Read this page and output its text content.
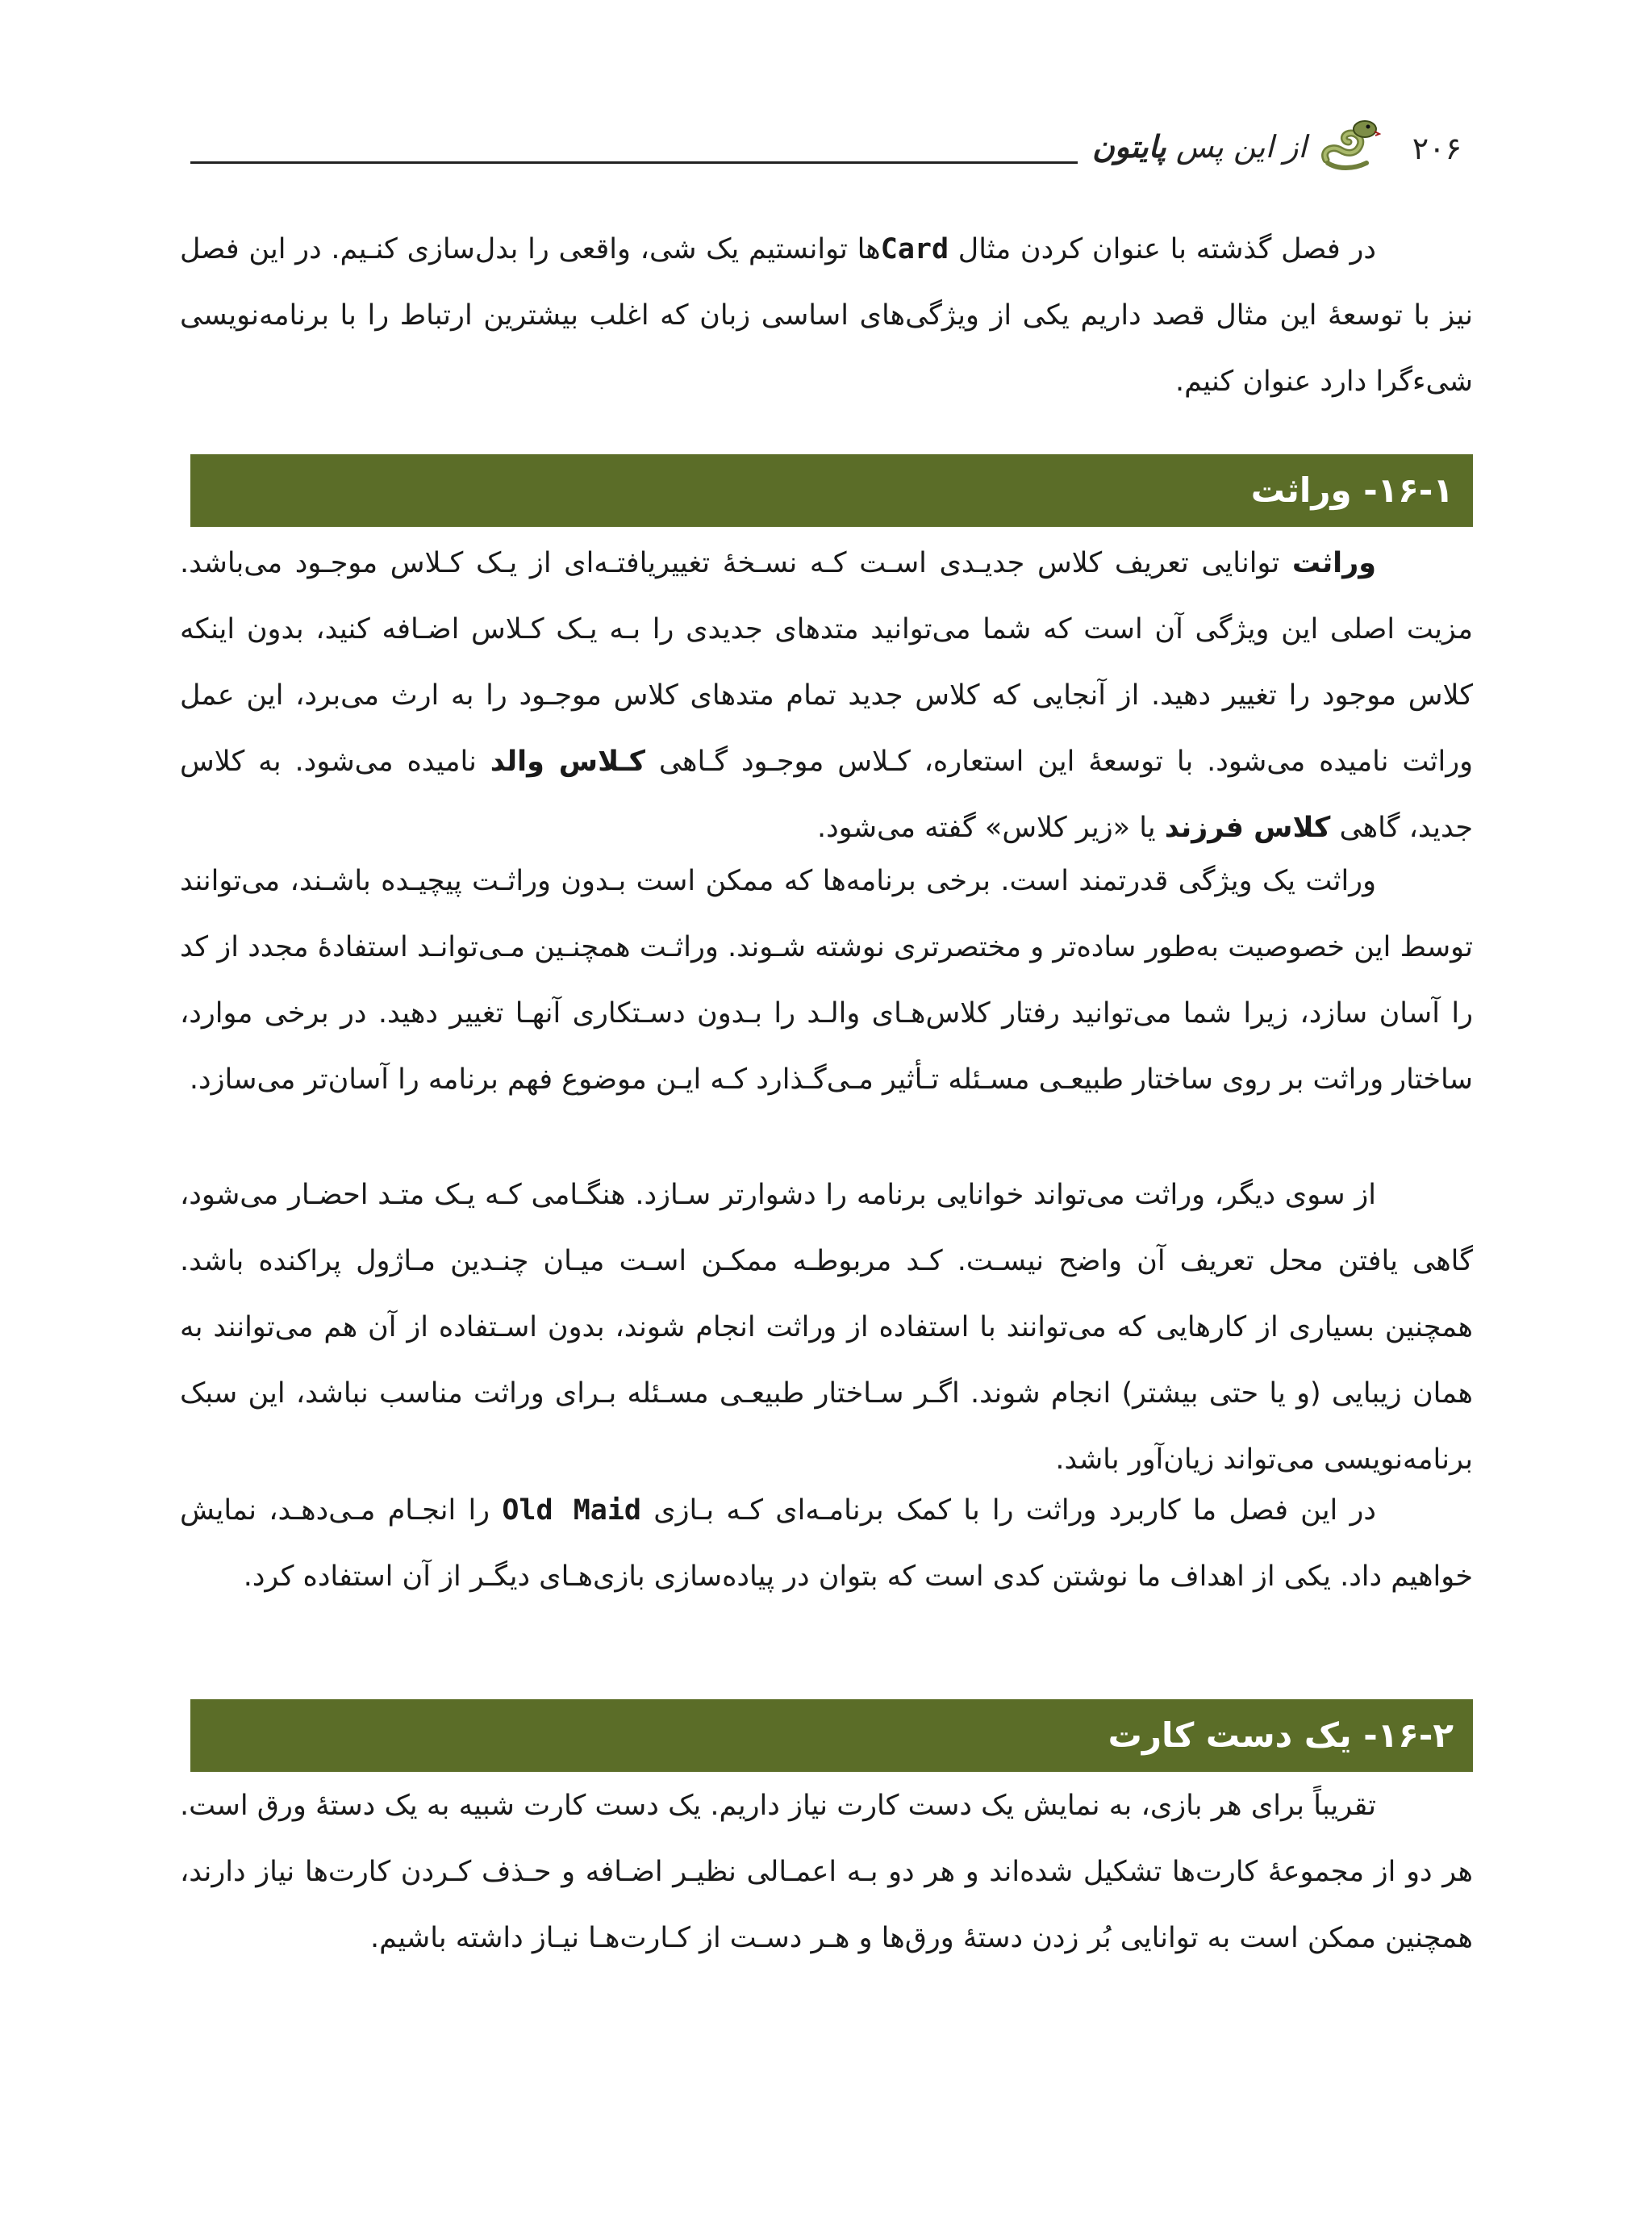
۲۰۶
از این پس پایتون

در فصل گذشته با عنوان کردن مثال Cardها توانستیم یک شی، واقعی را بدل‌سازی کنـیم. در این فصل نیز با توسعهٔ این مثال قصد داریم یکی از ویژگی‌های اساسی زبان که اغلب بیشترین ارتباط را با برنامه‌نویسی شیءگرا دارد عنوان کنیم.

۱۶-۱- وراثت

وراثت توانایی تعریف کلاس جدیـدی اسـت کـه نسـخهٔ تغییریافتـه‌ای از یـک کـلاس موجـود می‌باشد. مزیت اصلی این ویژگی آن است که شما می‌توانید متدهای جدیدی را بـه یـک کـلاس اضـافه کنید، بدون اینکه کلاس موجود را تغییر دهید. از آنجایی که کلاس جدید تمام متدهای کلاس موجـود را به ارث می‌برد، این عمل وراثت نامیده می‌شود. با توسعهٔ این استعاره، کـلاس موجـود گـاهی کـلاس والد نامیده می‌شود. به کلاس جدید، گاهی کلاس فرزند یا «زیر کلاس» گفته می‌شود.

وراثت یک ویژگی قدرتمند است. برخی برنامه‌ها که ممکن است بـدون وراثـت پیچیـده باشـند، می‌توانند توسط این خصوصیت به‌طور ساده‌تر و مختصرتری نوشته شـوند. وراثـت همچنـین مـی‌توانـد استفادهٔ مجدد از کد را آسان سازد، زیرا شما می‌توانید رفتار کلاس‌هـای والـد را بـدون دسـتکاری آنهـا تغییر دهید. در برخی موارد، ساختار وراثت بر روی ساختار طبیعـی مسـئله تـأثیر مـی‌گـذارد کـه ایـن موضوع فهم برنامه را آسان‌تر می‌سازد.

از سوی دیگر، وراثت می‌تواند خوانایی برنامه را دشوارتر سـازد. هنگـامی کـه یـک متـد احضـار می‌شود، گاهی یافتن محل تعریف آن واضح نیسـت. کـد مربوطـه ممکـن اسـت میـان چنـدین مـاژول پراکنده باشد. همچنین بسیاری از کارهایی که می‌توانند با استفاده از وراثت انجام شوند، بدون اسـتفاده از آن هم می‌توانند به همان زیبایی (و یا حتی بیشتر) انجام شوند. اگـر سـاختار طبیعـی مسـئله بـرای وراثت مناسب نباشد، این سبک برنامه‌نویسی می‌تواند زیان‌آور باشد.

در این فصل ما کاربرد وراثت را با کمک برنامـه‌ای کـه بـازی Old Maid را انجـام مـی‌دهـد، نمایش خواهیم داد. یکی از اهداف ما نوشتن کدی است که بتوان در پیاده‌سازی بازی‌هـای دیگـر از آن استفاده کرد.

۱۶-۲- یک دست کارت

تقریباً برای هر بازی، به نمایش یک دست کارت نیاز داریم. یک دست کارت شبیه به یک دستهٔ ورق است. هر دو از مجموعهٔ کارت‌ها تشکیل شده‌اند و هر دو بـه اعمـالی نظیـر اضـافه و حـذف کـردن کارت‌ها نیاز دارند، همچنین ممکن است به توانایی بُر زدن دستهٔ ورق‌ها و هـر دسـت از کـارت‌هـا نیـاز داشته باشیم.
